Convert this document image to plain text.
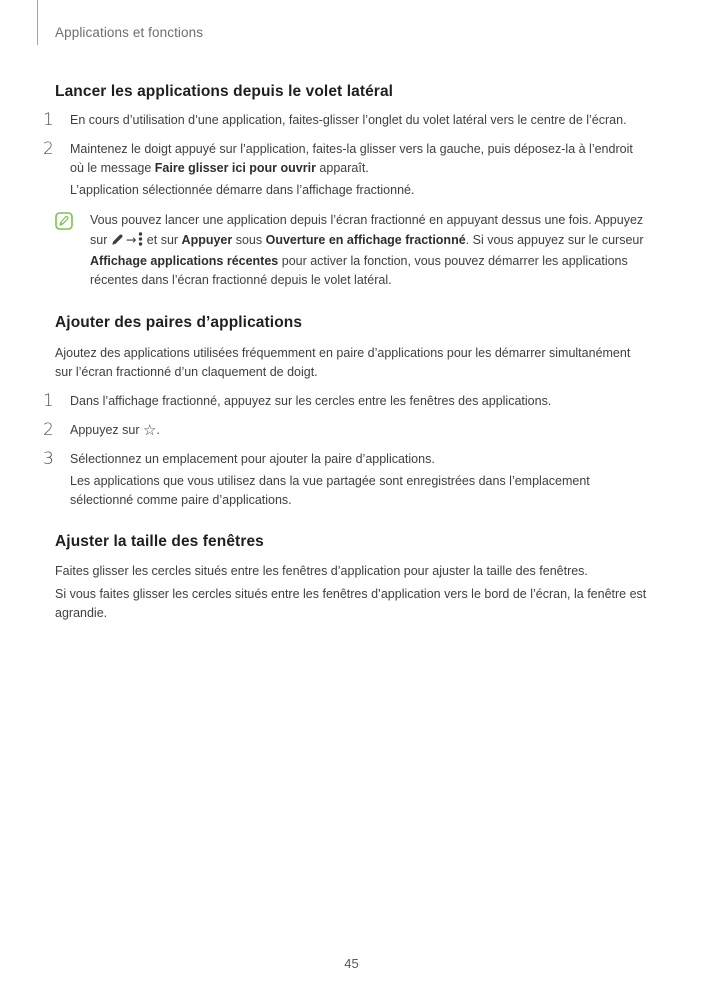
Applications et fonctions
Lancer les applications depuis le volet latéral
1	En cours d’utilisation d’une application, faites-glisser l’onglet du volet latéral vers le centre de l’écran.
2	Maintenez le doigt appuyé sur l’application, faites-la glisser vers la gauche, puis déposez-la à l’endroit où le message Faire glisser ici pour ouvrir apparaît.
L’application sélectionnée démarre dans l’affichage fractionné.
Vous pouvez lancer une application depuis l’écran fractionné en appuyant dessus une fois. Appuyez sur → et sur Appuyer sous Ouverture en affichage fractionné. Si vous appuyez sur le curseur Affichage applications récentes pour activer la fonction, vous pouvez démarrer les applications récentes dans l’écran fractionné depuis le volet latéral.
Ajouter des paires d’applications
Ajoutez des applications utilisées fréquemment en paire d’applications pour les démarrer simultanément sur l’écran fractionné d’un claquement de doigt.
1	Dans l’affichage fractionné, appuyez sur les cercles entre les fenêtres des applications.
2	Appuyez sur ☆.
3	Sélectionnez un emplacement pour ajouter la paire d’applications.
Les applications que vous utilisez dans la vue partagée sont enregistrées dans l’emplacement sélectionné comme paire d’applications.
Ajuster la taille des fenêtres
Faites glisser les cercles situés entre les fenêtres d’application pour ajuster la taille des fenêtres.
Si vous faites glisser les cercles situés entre les fenêtres d’application vers le bord de l’écran, la fenêtre est agrandie.
45
